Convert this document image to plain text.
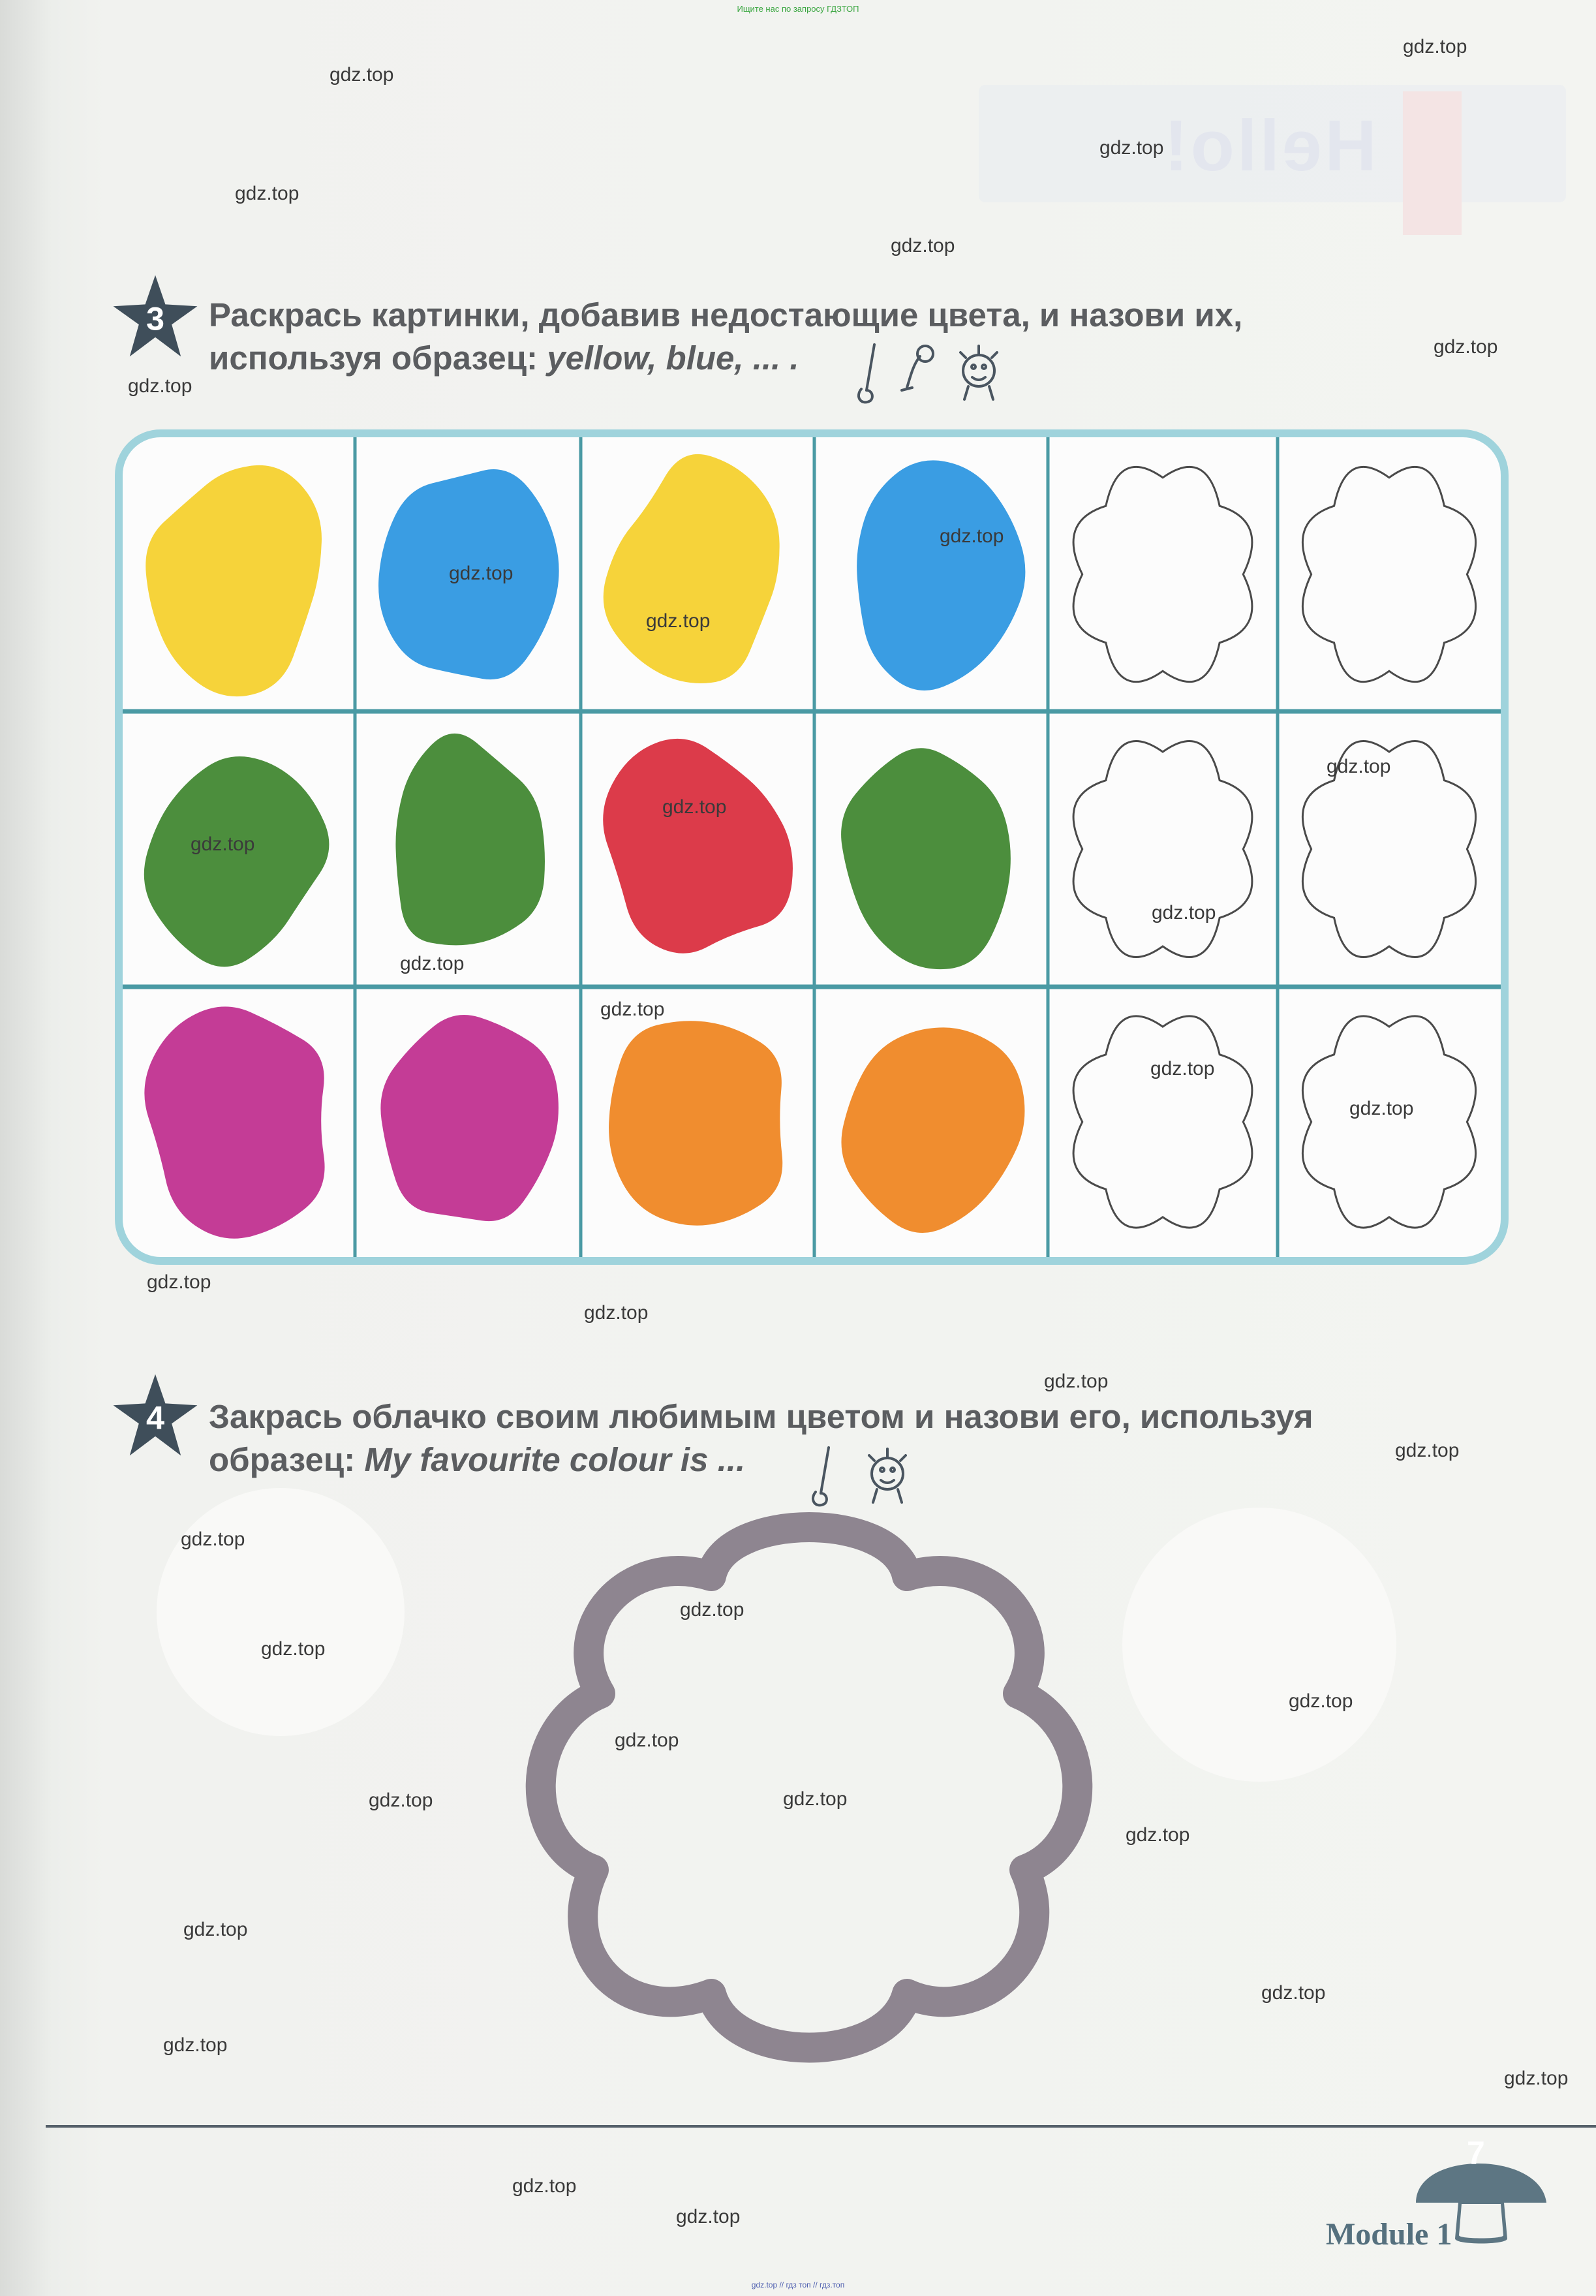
Ищите нас по запросу ГДЗТОП
Hello!
3 Раскрась картинки, добавив недостающие цвета, и назови их,
используя образец: yellow, blue, ... .
4 Закрась облачко своим любимым цветом и назови его, используя
образец: My favourite colour is ...
7
Module 1
gdz.top // гдз топ // гдз.топ
gdz.top
gdz.top
gdz.top
gdz.top
gdz.top
gdz.top
gdz.top
gdz.top
gdz.top
gdz.top
gdz.top
gdz.top
gdz.top
gdz.top
gdz.top
gdz.top
gdz.top
gdz.top
gdz.top
gdz.top
gdz.top
gdz.top
gdz.top
gdz.top
gdz.top
gdz.top
gdz.top
gdz.top
gdz.top
gdz.top
gdz.top
gdz.top
gdz.top
gdz.top
gdz.top
gdz.top
